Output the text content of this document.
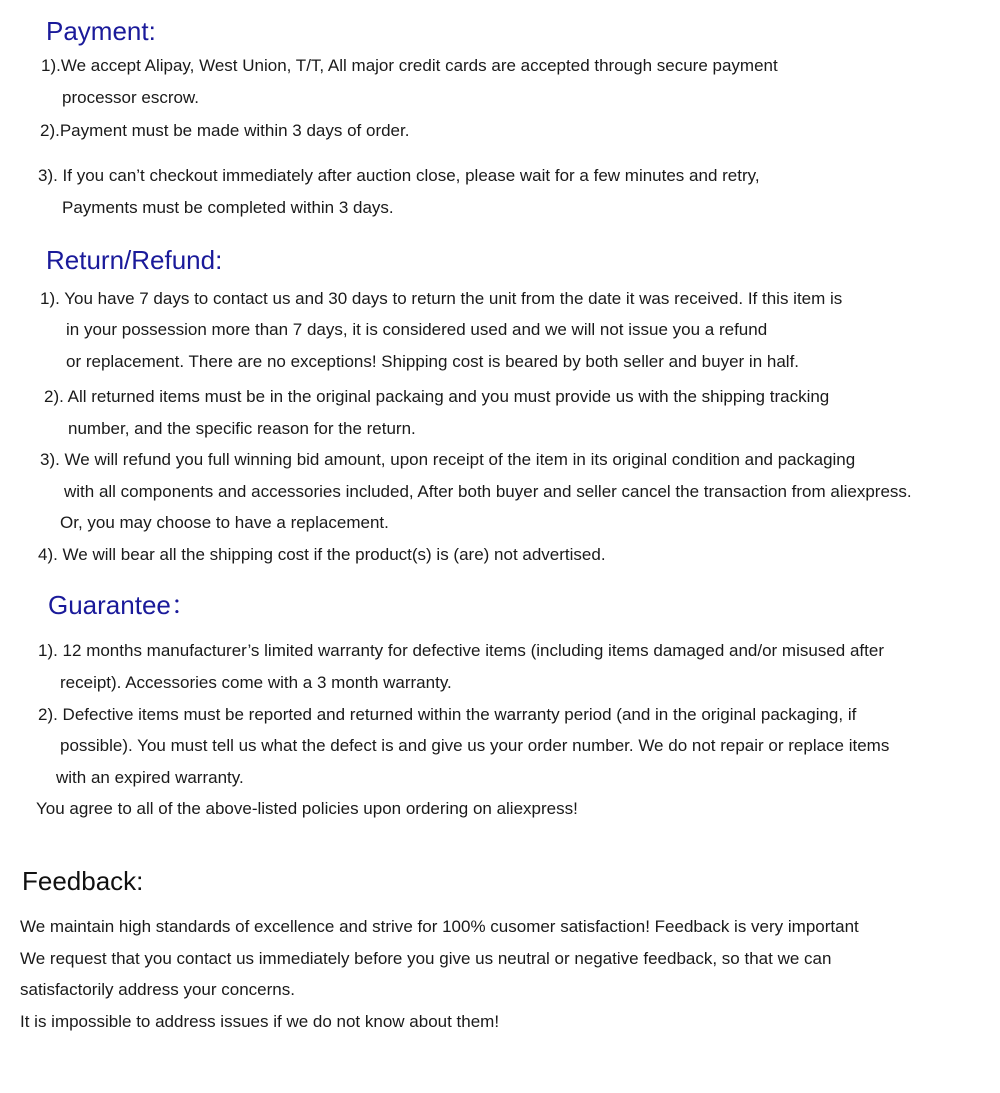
Payment:

1).We accept Alipay, West Union, T/T, All major credit cards are accepted through secure payment

processor escrow.

2).Payment must be made within 3 days of order.

3). If you can’t checkout immediately after auction close, please wait for a few minutes and retry,

Payments must be completed within 3 days.

Return/Refund:

1). You have 7 days to contact us and 30 days to return the unit from the date it was received. If this item is

in your possession more than 7 days, it is considered used and we will not issue you a refund

or replacement. There are no exceptions! Shipping cost is beared by both seller and buyer in half.

2). All returned items must be in the original packaing and you must provide us with the shipping tracking

number, and the specific reason for the return.

3). We will refund you full winning bid amount, upon receipt of the item in its original condition and packaging

with all components and accessories included, After both buyer and seller cancel the transaction from aliexpress.

Or, you may choose to have a replacement.

4). We will bear all the shipping cost if the product(s) is (are) not advertised.

Guarantee：

1). 12 months manufacturer’s limited warranty for defective items (including items damaged and/or misused after

receipt). Accessories come with a 3 month warranty.

2). Defective items must be reported and returned within the warranty period (and in the original packaging, if

possible). You must tell us what the defect is and give us your order number. We do not repair or replace items

with an expired warranty.

You agree to all of the above-listed policies upon ordering on aliexpress!

Feedback:

We maintain high standards of excellence and strive for 100% cusomer satisfaction! Feedback is very important

We request that you contact us immediately before you give us neutral or negative feedback, so that we can

satisfactorily address your concerns.

It is impossible to address issues if we do not know about them!
